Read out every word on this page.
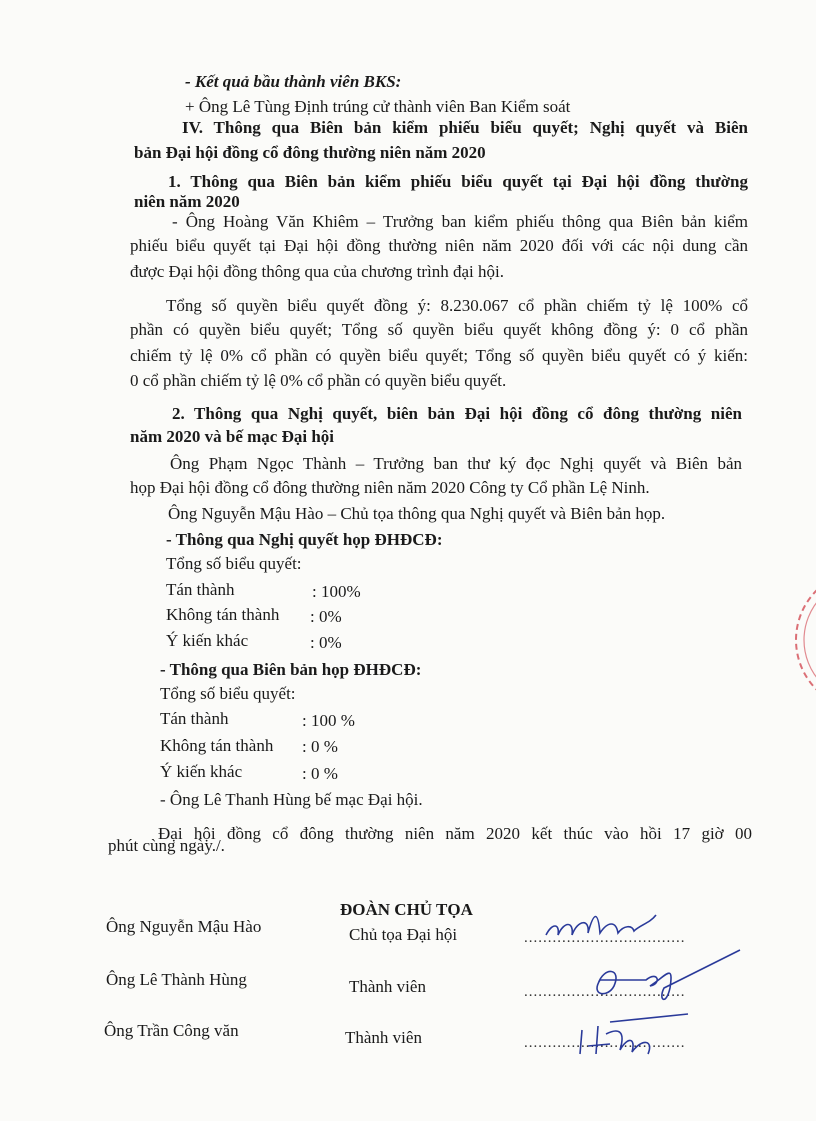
- Kết quả bầu thành viên BKS:
+ Ông Lê Tùng Định trúng cử thành viên Ban Kiểm soát
IV. Thông qua Biên bản kiểm phiếu biểu quyết; Nghị quyết và Biên
bản Đại hội đồng cổ đông thường niên năm 2020
1. Thông qua Biên bản kiểm phiếu biểu quyết tại Đại hội đồng thường
niên năm 2020
- Ông Hoàng Văn Khiêm – Trưởng ban kiểm phiếu thông qua Biên bản kiểm
phiếu biểu quyết tại Đại hội đồng thường niên năm 2020 đối với các nội dung cần
được Đại hội đồng thông qua của chương trình đại hội.
Tổng số quyền biểu quyết đồng ý: 8.230.067 cổ phần chiếm tỷ lệ 100% cổ
phần có quyền biểu quyết; Tổng số quyền biểu quyết không đồng ý: 0 cổ phần
chiếm tỷ lệ 0% cổ phần có quyền biểu quyết; Tổng số quyền biểu quyết có ý kiến:
0 cổ phần chiếm tỷ lệ 0% cổ phần có quyền biểu quyết.
2. Thông qua Nghị quyết, biên bản Đại hội đồng cổ đông thường niên
năm 2020 và bế mạc Đại hội
Ông Phạm Ngọc Thành – Trưởng ban thư ký đọc Nghị quyết và Biên bản
họp Đại hội đồng cổ đông thường niên năm 2020 Công ty Cổ phần Lệ Ninh.
Ông Nguyễn Mậu Hào – Chủ tọa thông qua Nghị quyết và Biên bản họp.
- Thông qua Nghị quyết họp ĐHĐCĐ:
Tổng số biểu quyết:
Tán thành	: 100%
Không tán thành : 0%
Ý kiến khác	: 0%
- Thông qua Biên bản họp ĐHĐCĐ:
Tổng số biểu quyết:
Tán thành	: 100 %
Không tán thành : 0 %
Ý kiến khác	: 0 %
- Ông Lê Thanh Hùng bế mạc Đại hội.
Đại hội đồng cổ đông thường niên năm 2020 kết thúc vào hồi 17 giờ 00
phút cùng ngày./.
ĐOÀN CHỦ TỌA
Ông Nguyễn Mậu Hào	Chủ tọa Đại hội	..................................
Ông Lê Thành Hùng	Thành viên	..................................
Ông Trần Công văn	Thành viên	..................................
